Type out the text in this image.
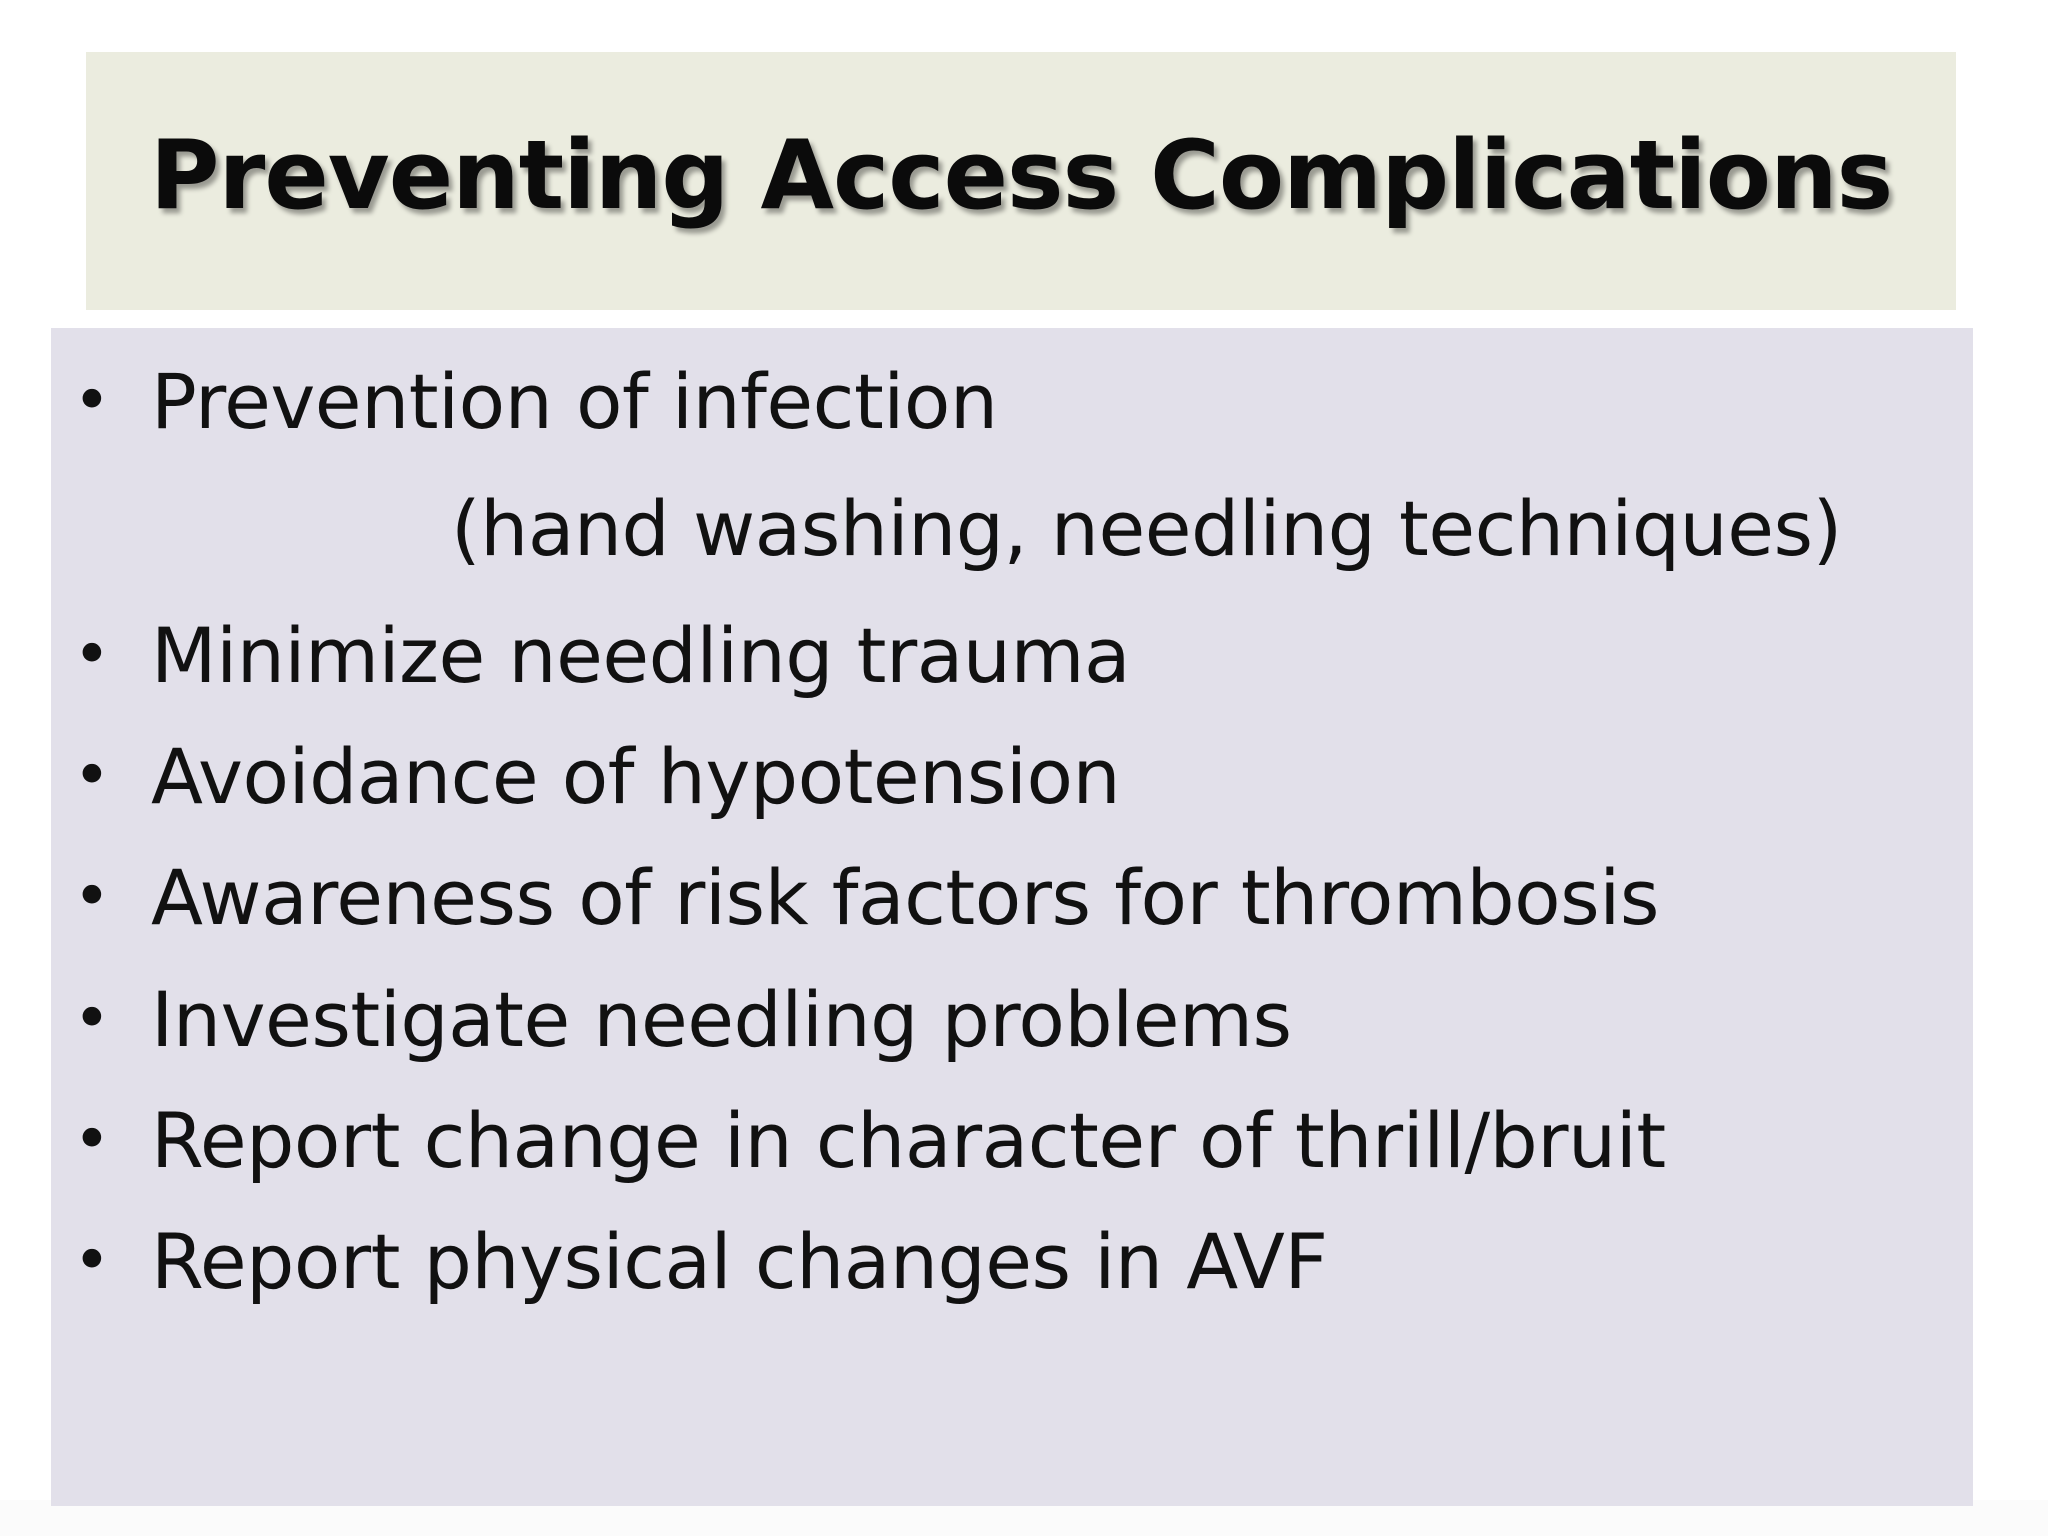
Preventing Access Complications
• Prevention of infection
(hand washing, needling techniques)
• Minimize needling trauma
• Avoidance of hypotension
• Awareness of risk factors for thrombosis
• Investigate needling problems
• Report change in character of thrill/bruit
• Report physical changes in AVF
